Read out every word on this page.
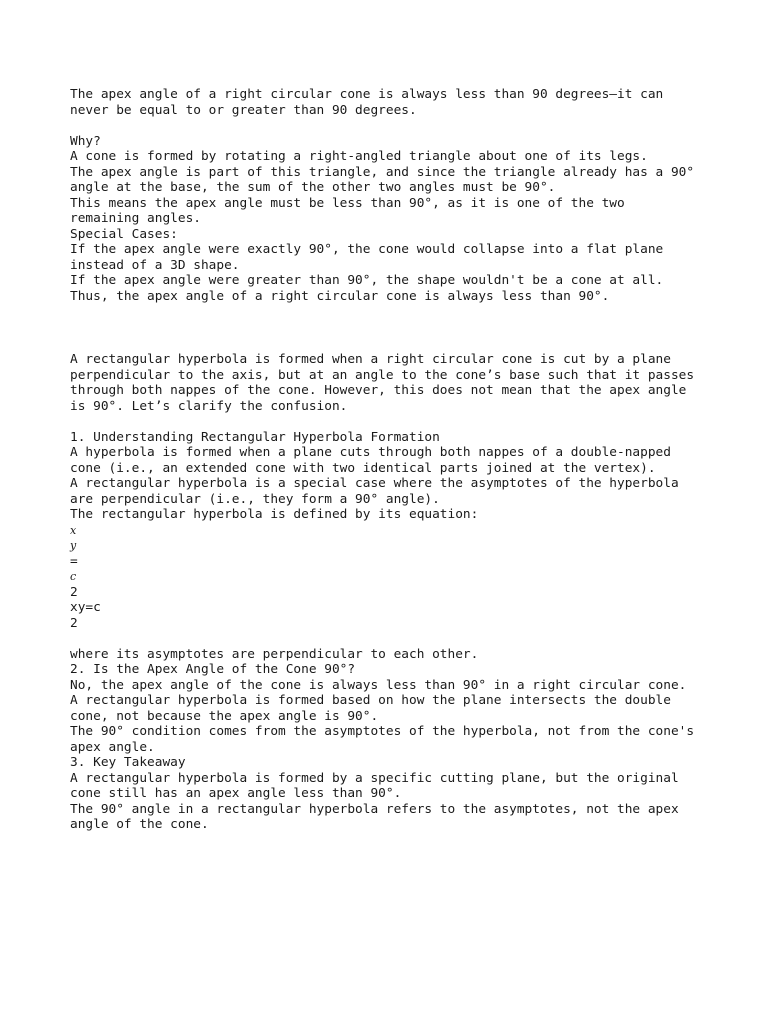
The apex angle of a right circular cone is always less than 90 degrees—it can
never be equal to or greater than 90 degrees.
Why?
A cone is formed by rotating a right-angled triangle about one of its legs.
The apex angle is part of this triangle, and since the triangle already has a 90°
angle at the base, the sum of the other two angles must be 90°.
This means the apex angle must be less than 90°, as it is one of the two
remaining angles.
Special Cases:
If the apex angle were exactly 90°, the cone would collapse into a flat plane
instead of a 3D shape.
If the apex angle were greater than 90°, the shape wouldn't be a cone at all.
Thus, the apex angle of a right circular cone is always less than 90°.
A rectangular hyperbola is formed when a right circular cone is cut by a plane
perpendicular to the axis, but at an angle to the cone’s base such that it passes
through both nappes of the cone. However, this does not mean that the apex angle
is 90°. Let’s clarify the confusion.
1. Understanding Rectangular Hyperbola Formation
A hyperbola is formed when a plane cuts through both nappes of a double-napped
cone (i.e., an extended cone with two identical parts joined at the vertex).
A rectangular hyperbola is a special case where the asymptotes of the hyperbola
are perpendicular (i.e., they form a 90° angle).
The rectangular hyperbola is defined by its equation:
x
y
=
c
2
xy=c
2
where its asymptotes are perpendicular to each other.
2. Is the Apex Angle of the Cone 90°?
No, the apex angle of the cone is always less than 90° in a right circular cone.
A rectangular hyperbola is formed based on how the plane intersects the double
cone, not because the apex angle is 90°.
The 90° condition comes from the asymptotes of the hyperbola, not from the cone's
apex angle.
3. Key Takeaway
A rectangular hyperbola is formed by a specific cutting plane, but the original
cone still has an apex angle less than 90°.
The 90° angle in a rectangular hyperbola refers to the asymptotes, not the apex
angle of the cone.
